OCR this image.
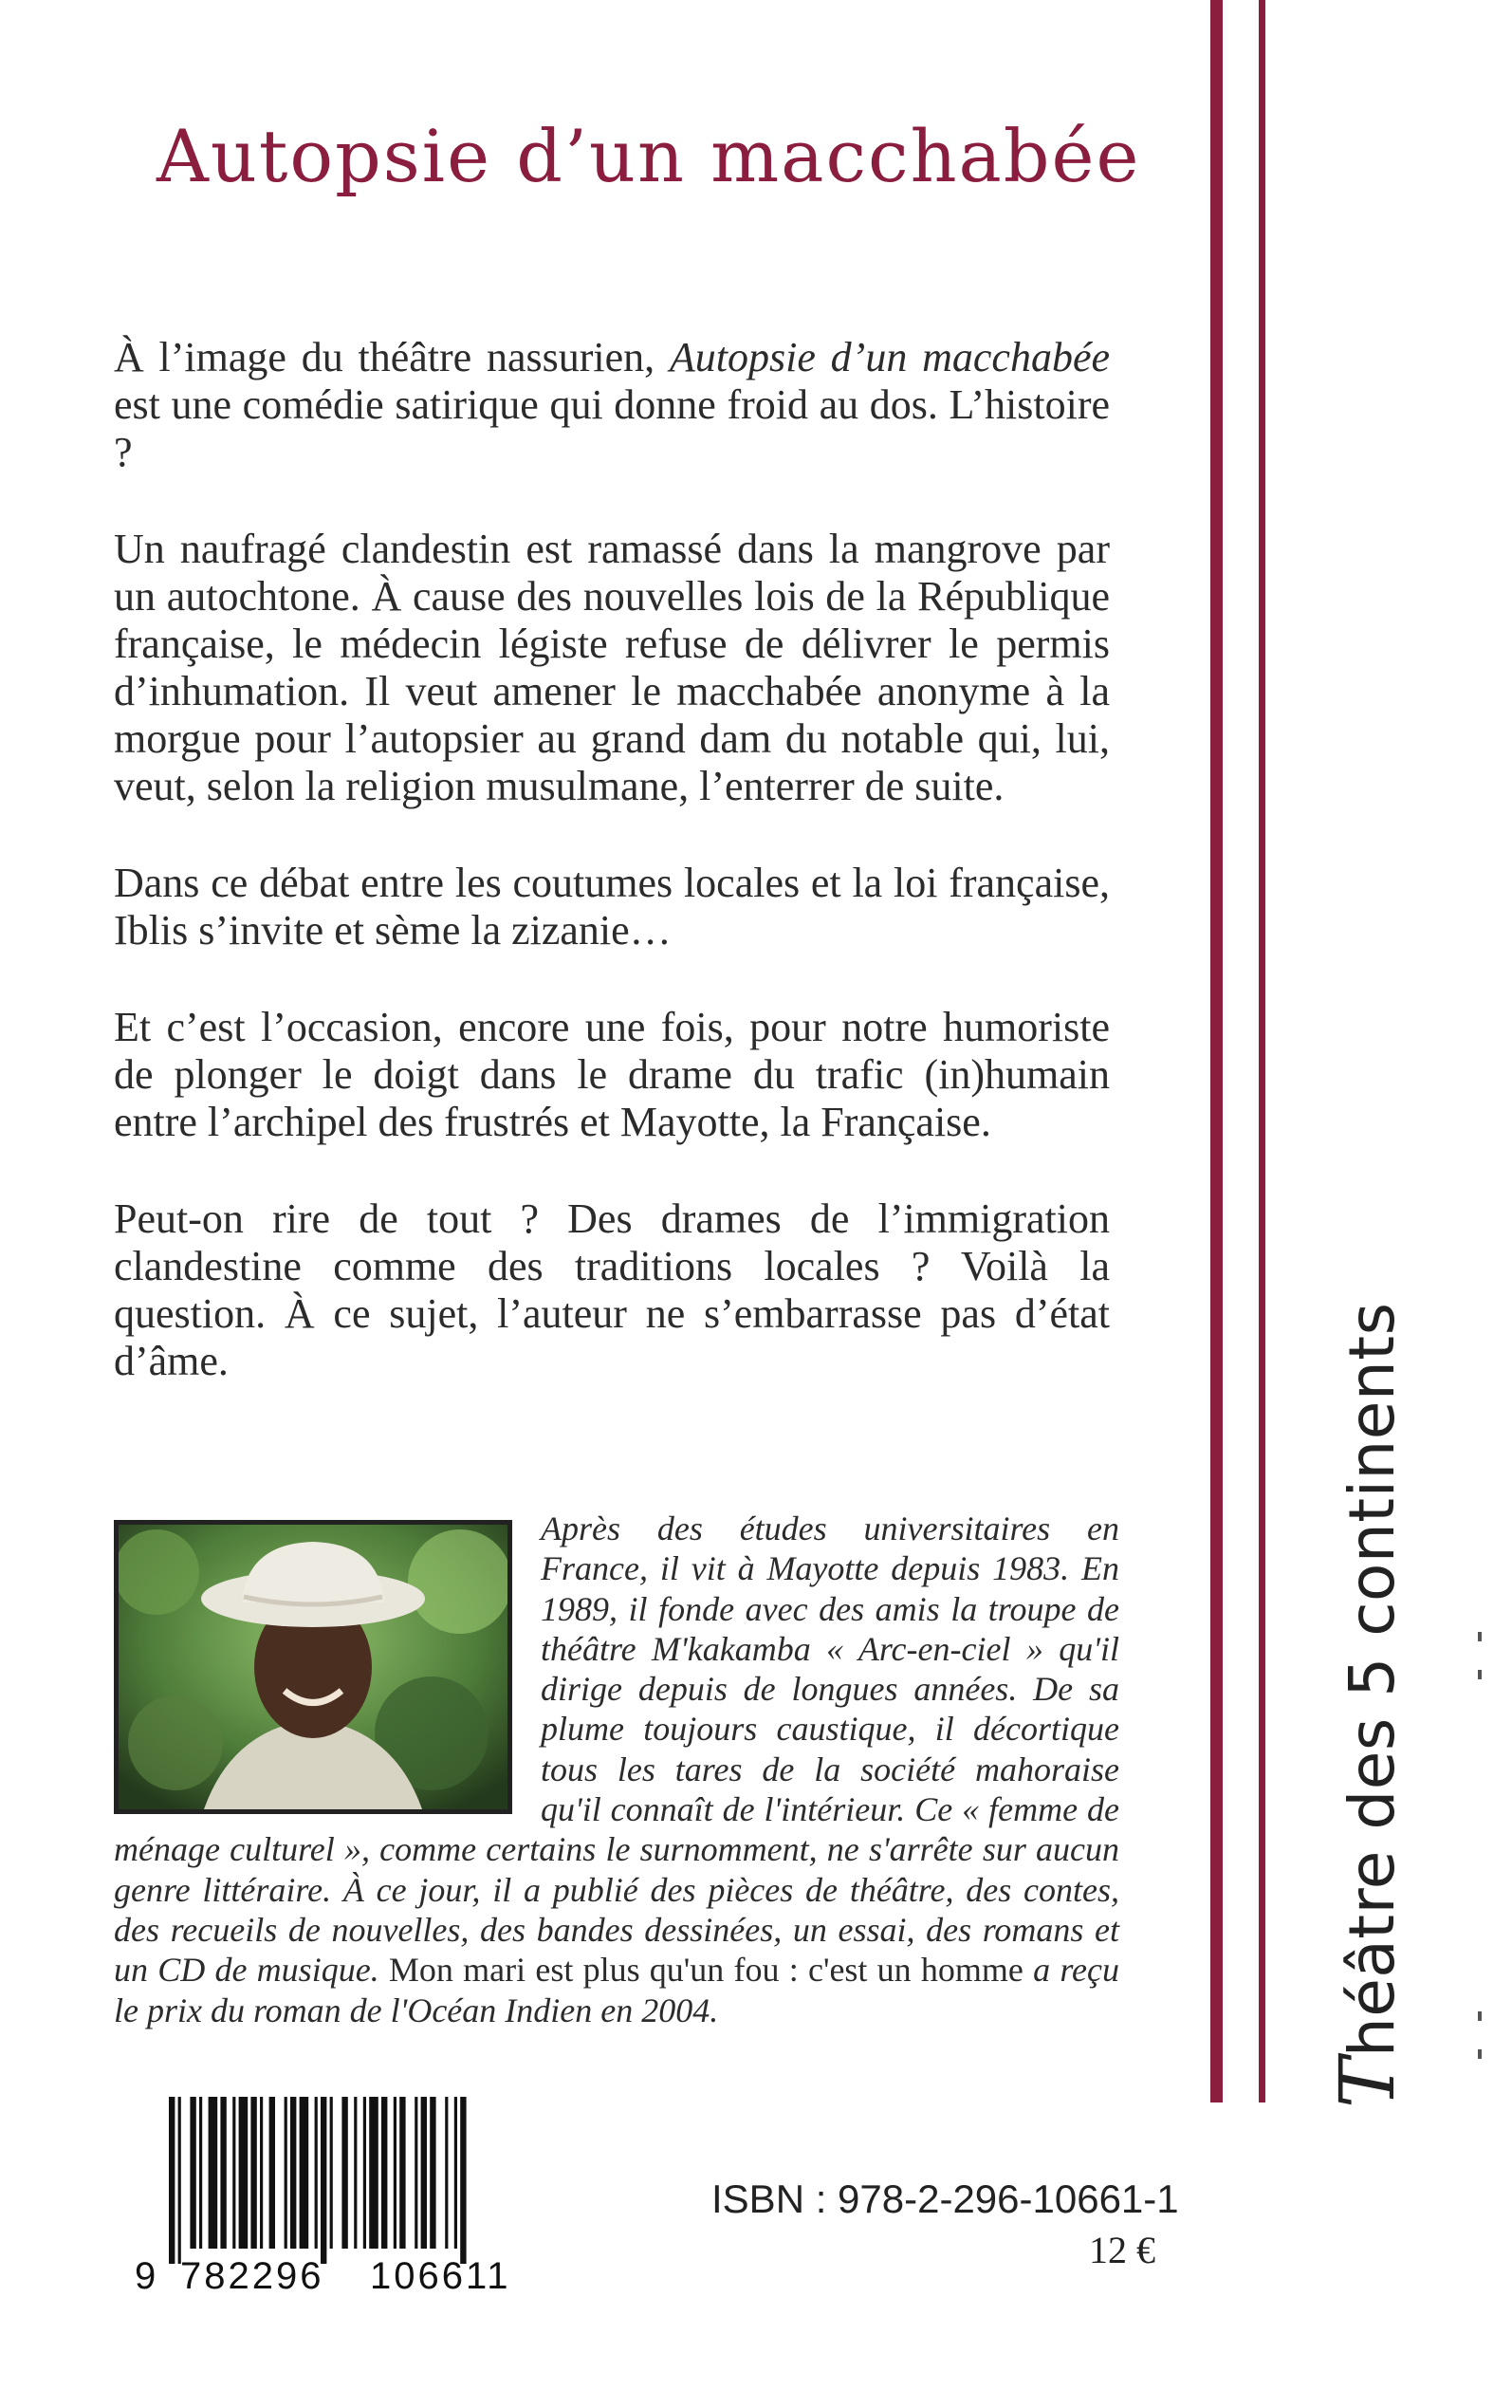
Autopsie d’un macchabée

À l’image du théâtre nassurien, Autopsie d’un macchabée est une comédie satirique qui donne froid au dos. L’histoire ?

Un naufragé clandestin est ramassé dans la mangrove par un autochtone. À cause des nouvelles lois de la République française, le médecin légiste refuse de délivrer le permis d’inhumation. Il veut amener le macchabée anonyme à la morgue pour l’autopsier au grand dam du notable qui, lui, veut, selon la religion musulmane, l’enterrer de suite.

Dans ce débat entre les coutumes locales et la loi française, Iblis s’invite et sème la zizanie…

Et c’est l’occasion, encore une fois, pour notre humoriste de plonger le doigt dans le drame du trafic (in)humain entre l’archipel des frustrés et Mayotte, la Française.

Peut-on rire de tout ? Des drames de l’immigration clandestine comme des traditions locales ? Voilà la question. À ce sujet, l’auteur ne s’embarrasse pas d’état d’âme.

Après des études universitaires en France, il vit à Mayotte depuis 1983. En 1989, il fonde avec des amis la troupe de théâtre M'kakamba « Arc-en-ciel » qu'il dirige depuis de longues années. De sa plume toujours caustique, il décortique tous les tares de la société mahoraise qu'il connaît de l'intérieur. Ce « femme de ménage culturel », comme certains le surnomment, ne s'arrête sur aucun genre littéraire. À ce jour, il a publié des pièces de théâtre, des contes, des recueils de nouvelles, des bandes dessinées, un essai, des romans et un CD de musique. Mon mari est plus qu'un fou : c'est un homme a reçu le prix du roman de l'Océan Indien en 2004.
Théâtre des 5 continents
9 782296 106611
ISBN : 978-2-296-10661-1
12 €
